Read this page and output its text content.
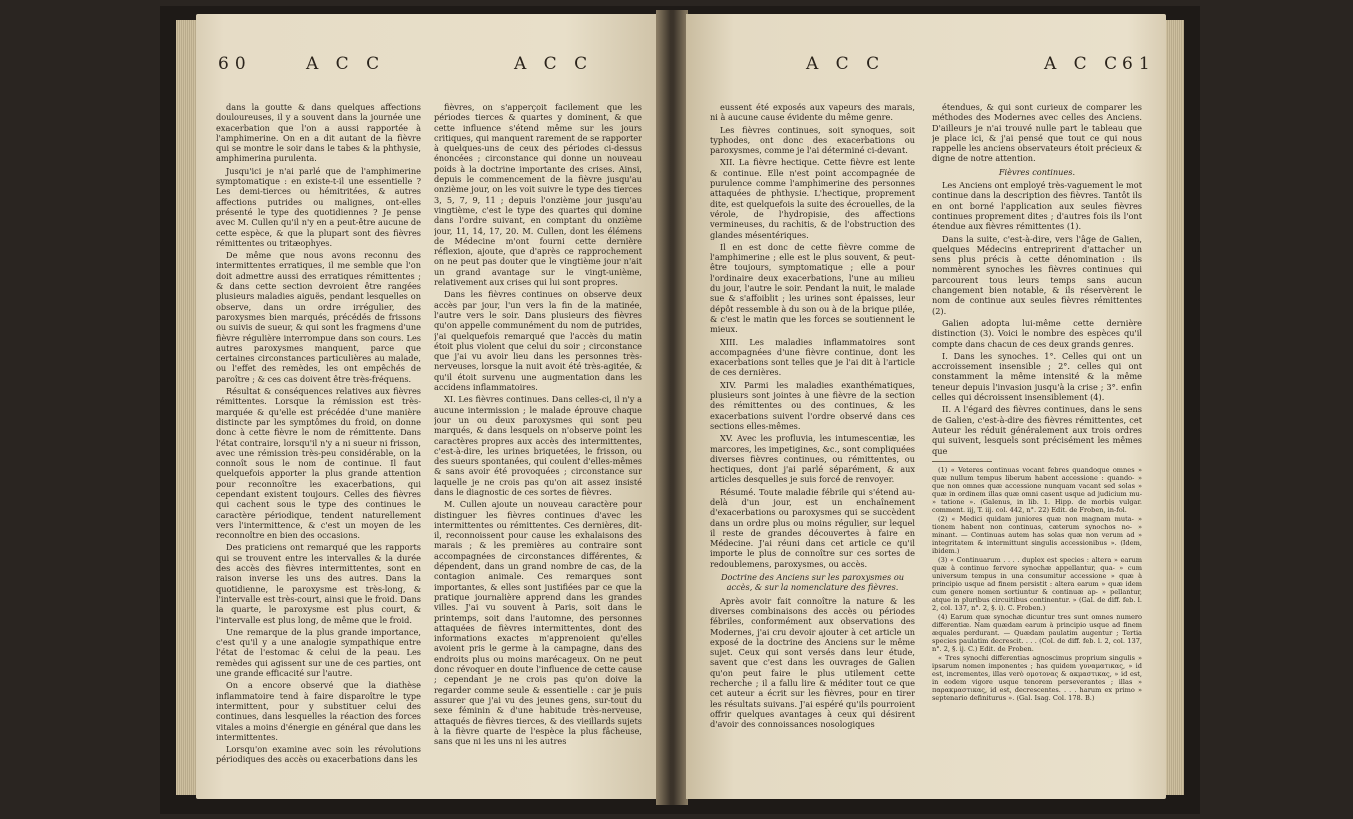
60	A C C	A C C

dans la goutte & dans quelques affections douloureuses, il y a souvent dans la journée une exacerbation que l'on a aussi rapportée à l'amphimerine. On en a dit autant de la fièvre qui se montre le soir dans le tabes & la phthysie, amphimerina purulenta.

Jusqu'ici je n'ai parlé que de l'amphimerine symptomatique : en existe-t-il une essentielle ? Les demi-tierces ou hémitritées, & autres affections putrides ou malignes, ont-elles présenté le type des quotidiennes ? Je pense avec M. Cullen qu'il n'y en a peut-être aucune de cette espèce, & que la plupart sont des fièvres rémittentes ou tritæophyes.

De même que nous avons reconnu des intermittentes erratiques, il me semble que l'on doit admettre aussi des erratiques rémittentes ; & dans cette section devroient être rangées plusieurs maladies aiguës, pendant lesquelles on observe, dans un ordre irrégulier, des paroxysmes bien marqués, précédés de frissons ou suivis de sueur, & qui sont les fragmens d'une fièvre régulière interrompue dans son cours. Les autres paroxysmes manquent, parce que certaines circonstances particulières au malade, ou l'effet des remèdes, les ont empêchés de paroître ; & ces cas doivent être très-fréquens.

Résultat & conséquences relatives aux fièvres rémittentes. Lorsque la rémission est très-marquée & qu'elle est précédée d'une manière distincte par les symptômes du froid, on donne donc à cette fièvre le nom de rémittente. Dans l'état contraire, lorsqu'il n'y a ni sueur ni frisson, avec une rémission très-peu considérable, on la connoît sous le nom de continue. Il faut quelquefois apporter la plus grande attention pour reconnoître les exacerbations, qui cependant existent toujours. Celles des fièvres qui cachent sous le type des continues le caractère périodique, tendent naturellement vers l'intermittence, & c'est un moyen de les reconnoître en bien des occasions.

Des praticiens ont remarqué que les rapports qui se trouvent entre les intervalles & la durée des accès des fièvres intermittentes, sont en raison inverse les uns des autres. Dans la quotidienne, le paroxysme est très-long, & l'intervalle est très-court, ainsi que le froid. Dans la quarte, le paroxysme est plus court, & l'intervalle est plus long, de même que le froid.

Une remarque de la plus grande importance, c'est qu'il y a une analogie sympathique entre l'état de l'estomac & celui de la peau. Les remèdes qui agissent sur une de ces parties, ont une grande efficacité sur l'autre.

On a encore observé que la diathèse inflammatoire tend à faire disparoître le type intermittent, pour y substituer celui des continues, dans lesquelles la réaction des forces vitales a moins d'énergie en général que dans les intermittentes.

Lorsqu'on examine avec soin les révolutions périodiques des accès ou exacerbations dans les

fièvres, on s'apperçoit facilement que les périodes tierces & quartes y dominent, & que cette influence s'étend même sur les jours critiques, qui manquent rarement de se rapporter à quelques-uns de ceux des périodes ci-dessus énoncées ; circonstance qui donne un nouveau poids à la doctrine importante des crises. Ainsi, depuis le commencement de la fièvre jusqu'au onzième jour, on les voit suivre le type des tierces 3, 5, 7, 9, 11 ; depuis l'onzième jour jusqu'au vingtième, c'est le type des quartes qui domine dans l'ordre suivant, en comptant du onzième jour, 11, 14, 17, 20. M. Cullen, dont les élémens de Médecine m'ont fourni cette dernière réflexion, ajoute, que d'après ce rapprochement on ne peut pas douter que le vingtième jour n'ait un grand avantage sur le vingt-unième, relativement aux crises qui lui sont propres.

Dans les fièvres continues on observe deux accès par jour, l'un vers la fin de la matinée, l'autre vers le soir. Dans plusieurs des fièvres qu'on appelle communément du nom de putrides, j'ai quelquefois remarqué que l'accès du matin étoit plus violent que celui du soir ; circonstance que j'ai vu avoir lieu dans les personnes très-nerveuses, lorsque la nuit avoit été très-agitée, & qu'il étoit survenu une augmentation dans les accidens inflammatoires.

XI. Les fièvres continues. Dans celles-ci, il n'y a aucune intermission ; le malade éprouve chaque jour un ou deux paroxysmes qui sont peu marqués, & dans lesquels on n'observe point les caractères propres aux accès des intermittentes, c'est-à-dire, les urines briquetées, le frisson, ou des sueurs spontanées, qui coulent d'elles-mêmes & sans avoir été provoquées ; circonstance sur laquelle je ne crois pas qu'on ait assez insisté dans le diagnostic de ces sortes de fièvres.

M. Cullen ajoute un nouveau caractère pour distinguer les fièvres continues d'avec les intermittentes ou rémittentes. Ces dernières, dit-il, reconnoissent pour cause les exhalaisons des marais ; & les premières au contraire sont accompagnées de circonstances différentes, & dépendent, dans un grand nombre de cas, de la contagion animale. Ces remarques sont importantes, & elles sont justifiées par ce que la pratique journalière apprend dans les grandes villes. J'ai vu souvent à Paris, soit dans le printemps, soit dans l'automne, des personnes attaquées de fièvres intermittentes, dont des informations exactes m'apprenoient qu'elles avoient pris le germe à la campagne, dans des endroits plus ou moins marécageux. On ne peut donc révoquer en doute l'influence de cette cause ; cependant je ne crois pas qu'on doive la regarder comme seule & essentielle : car je puis assurer que j'ai vu des jeunes gens, sur-tout du sexe féminin & d'une habitude très-nerveuse, attaqués de fièvres tierces, & des vieillards sujets à la fièvre quarte de l'espèce la plus fâcheuse, sans que ni les uns ni les autres

A C C	A C C
61

eussent été exposés aux vapeurs des marais, ni à aucune cause évidente du même genre.

Les fièvres continues, soit synoques, soit typhodes, ont donc des exacerbations ou paroxysmes, comme je l'ai déterminé ci-devant.

XII. La fièvre hectique. Cette fièvre est lente & continue. Elle n'est point accompagnée de purulence comme l'amphimerine des personnes attaquées de phthysie. L'hectique, proprement dite, est quelquefois la suite des écrouelles, de la vérole, de l'hydropisie, des affections vermineuses, du rachitis, & de l'obstruction des glandes mésentériques.

Il en est donc de cette fièvre comme de l'amphimerine ; elle est le plus souvent, & peut-être toujours, symptomatique ; elle a pour l'ordinaire deux exacerbations, l'une au milieu du jour, l'autre le soir. Pendant la nuit, le malade sue & s'affoiblit ; les urines sont épaisses, leur dépôt ressemble à du son ou à de la brique pilée, & c'est le matin que les forces se soutiennent le mieux.

XIII. Les maladies inflammatoires sont accompagnées d'une fièvre continue, dont les exacerbations sont telles que je l'ai dit à l'article de ces dernières.

XIV. Parmi les maladies exanthématiques, plusieurs sont jointes à une fièvre de la section des rémittentes ou des continues, & les exacerbations suivent l'ordre observé dans ces sections elles-mêmes.

XV. Avec les profluvia, les intumescentiæ, les marcores, les impetigines, &c., sont compliquées diverses fièvres continues, ou rémittentes, ou hectiques, dont j'ai parlé séparément, & aux articles desquelles je suis forcé de renvoyer.

Résumé. Toute maladie fébrile qui s'étend au-delà d'un jour, est un enchaînement d'exacerbations ou paroxysmes qui se succèdent dans un ordre plus ou moins régulier, sur lequel il reste de grandes découvertes à faire en Médecine. J'ai réuni dans cet article ce qu'il importe le plus de connoître sur ces sortes de redoublemens, paroxysmes, ou accès.

Doctrine des Anciens sur les paroxysmes ou accès, & sur la nomenclature des fièvres.

Après avoir fait connoître la nature & les diverses combinaisons des accès ou périodes fébriles, conformément aux observations des Modernes, j'ai cru devoir ajouter à cet article un exposé de la doctrine des Anciens sur le même sujet. Ceux qui sont versés dans leur étude, savent que c'est dans les ouvrages de Galien qu'on peut faire le plus utilement cette recherche ; il a fallu lire & méditer tout ce que cet auteur a écrit sur les fièvres, pour en tirer les résultats suivans. J'ai espéré qu'ils pourroient offrir quelques avantages à ceux qui désirent d'avoir des connoissances nosologiques

étendues, & qui sont curieux de comparer les méthodes des Modernes avec celles des Anciens. D'ailleurs je n'ai trouvé nulle part le tableau que je place ici, & j'ai pensé que tout ce qui nous rappelle les anciens observateurs étoit précieux & digne de notre attention.

Fièvres continues.

Les Anciens ont employé très-vaguement le mot continue dans la description des fièvres. Tantôt ils en ont borné l'application aux seules fièvres continues proprement dites ; d'autres fois ils l'ont étendue aux fièvres rémittentes (1).

Dans la suite, c'est-à-dire, vers l'âge de Galien, quelques Médecins entreprirent d'attacher un sens plus précis à cette dénomination : ils nommèrent synoches les fièvres continues qui parcourent tous leurs temps sans aucun changement bien notable, & ils réservèrent le nom de continue aux seules fièvres rémittentes (2).

Galien adopta lui-même cette dernière distinction (3). Voici le nombre des espèces qu'il compte dans chacun de ces deux grands genres.

I. Dans les synoches. 1°. Celles qui ont un accroissement insensible ; 2°. celles qui ont constamment la même intensité & la même teneur depuis l'invasion jusqu'à la crise ; 3°. enfin celles qui décroissent insensiblement (4).

II. A l'égard des fièvres continues, dans le sens de Galien, c'est-à-dire des fièvres rémittentes, cet Auteur les réduit généralement aux trois ordres qui suivent, lesquels sont précisément les mêmes que

(1) « Veteres continuas vocant febres quandoque omnes » quæ nullum tempus liberum habent accessione : quando- » que non omnes quæ accessione nunquam vacant sed solas » quæ in ordinem illas quæ omni casent usque ad judicium mu- » tatione ». (Galenus, in lib. 1. Hipp. de morbis vulgar. comment. iij, T. iij. col. 442, n°. 22) Edit. de Froben, in-fol.

(2) « Medici quidam juniores quæ non magnam muta- » tionem habent non continuas, cæterum synochos no- » minant. — Continuas autem has solas quæ non verum ad » integritatem & intermittunt singulis accessionibus ». (Idem, ibidem.)

(3) « Continuarum . . . . duplex est species : altera » earum quæ à continuo fervore synochæ appellantur, qua- » cum universum tempus in una consumitur accessione » quæ à principio usque ad finem persistit : altera earum » quæ idem cum genere nomen sortiuntur & continuæ ap- » pellantur, atque in pluribus circuitibus continentur. » (Gal. de diff. feb. l. 2, col. 137, n°. 2, §. i). C. Froben.)

(4) Earum quæ synochæ dicuntur tres sunt omnes numero differentiæ. Nam quædam earum à principio usque ad finem æquales perdurant. — Quædam paulatim augentur ; Tertia species paulatim decrescit. . . . (Col. de diff. feb. l. 2, col. 137, n°. 2, §. ij. C.) Edit. de Froben.

« Tres synochi differentias agnoscimus proprium singulis » ipsarum nomen imponentes ; has quidem γυναματικας, » id est, incrementes, illas verò ομοτονας & ακμαστικας, » id est, in eodem vigore usque tenorem perseverantes ; illas » παρακμαστικας, id est, decrescentes. . . . harum ex primo » septenario definiturus ». (Gal. Isag. Col. 178. B.)
